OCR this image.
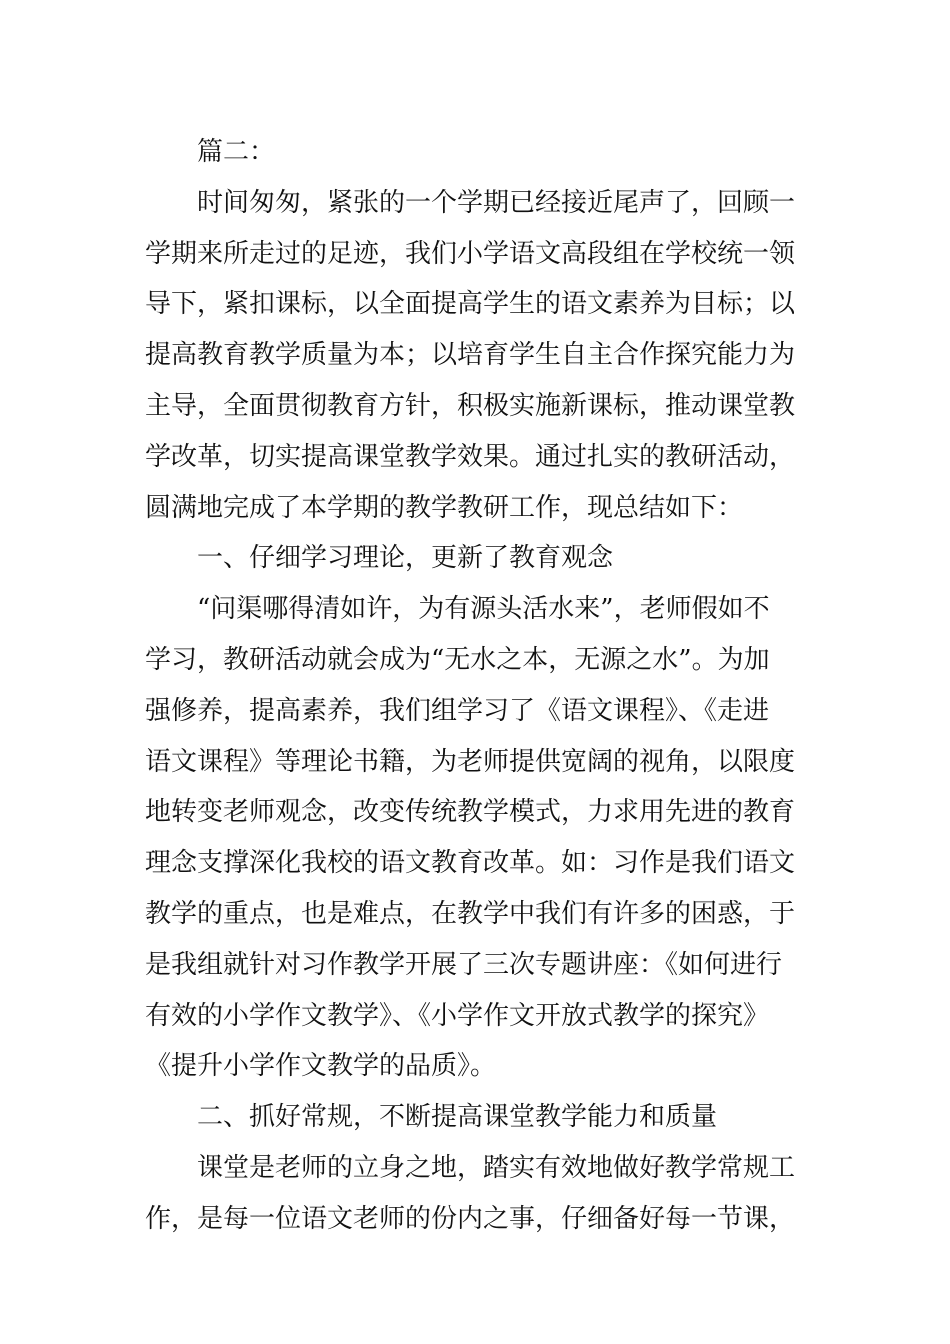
篇二：
时间匆匆，紧张的一个学期已经接近尾声了，回顾一
学期来所走过的足迹，我们小学语文高段组在学校统一领
导下，紧扣课标，以全面提高学生的语文素养为目标；以
提高教育教学质量为本；以培育学生自主合作探究能力为
主导，全面贯彻教育方针，积极实施新课标，推动课堂教
学改革，切实提高课堂教学效果。通过扎实的教研活动，
圆满地完成了本学期的教学教研工作，现总结如下：
一、仔细学习理论，更新了教育观念
“问渠哪得清如许，为有源头活水来”，老师假如不
学习，教研活动就会成为“无水之本，无源之水”。为加
强修养，提高素养，我们组学习了《语文课程》、《走进
语文课程》等理论书籍，为老师提供宽阔的视角，以限度
地转变老师观念，改变传统教学模式，力求用先进的教育
理念支撑深化我校的语文教育改革。如：习作是我们语文
教学的重点，也是难点，在教学中我们有许多的困惑，于
是我组就针对习作教学开展了三次专题讲座：《如何进行
有效的小学作文教学》、《小学作文开放式教学的探究》
《提升小学作文教学的品质》。
二、抓好常规，不断提高课堂教学能力和质量
课堂是老师的立身之地，踏实有效地做好教学常规工
作，是每一位语文老师的份内之事，仔细备好每一节课，
